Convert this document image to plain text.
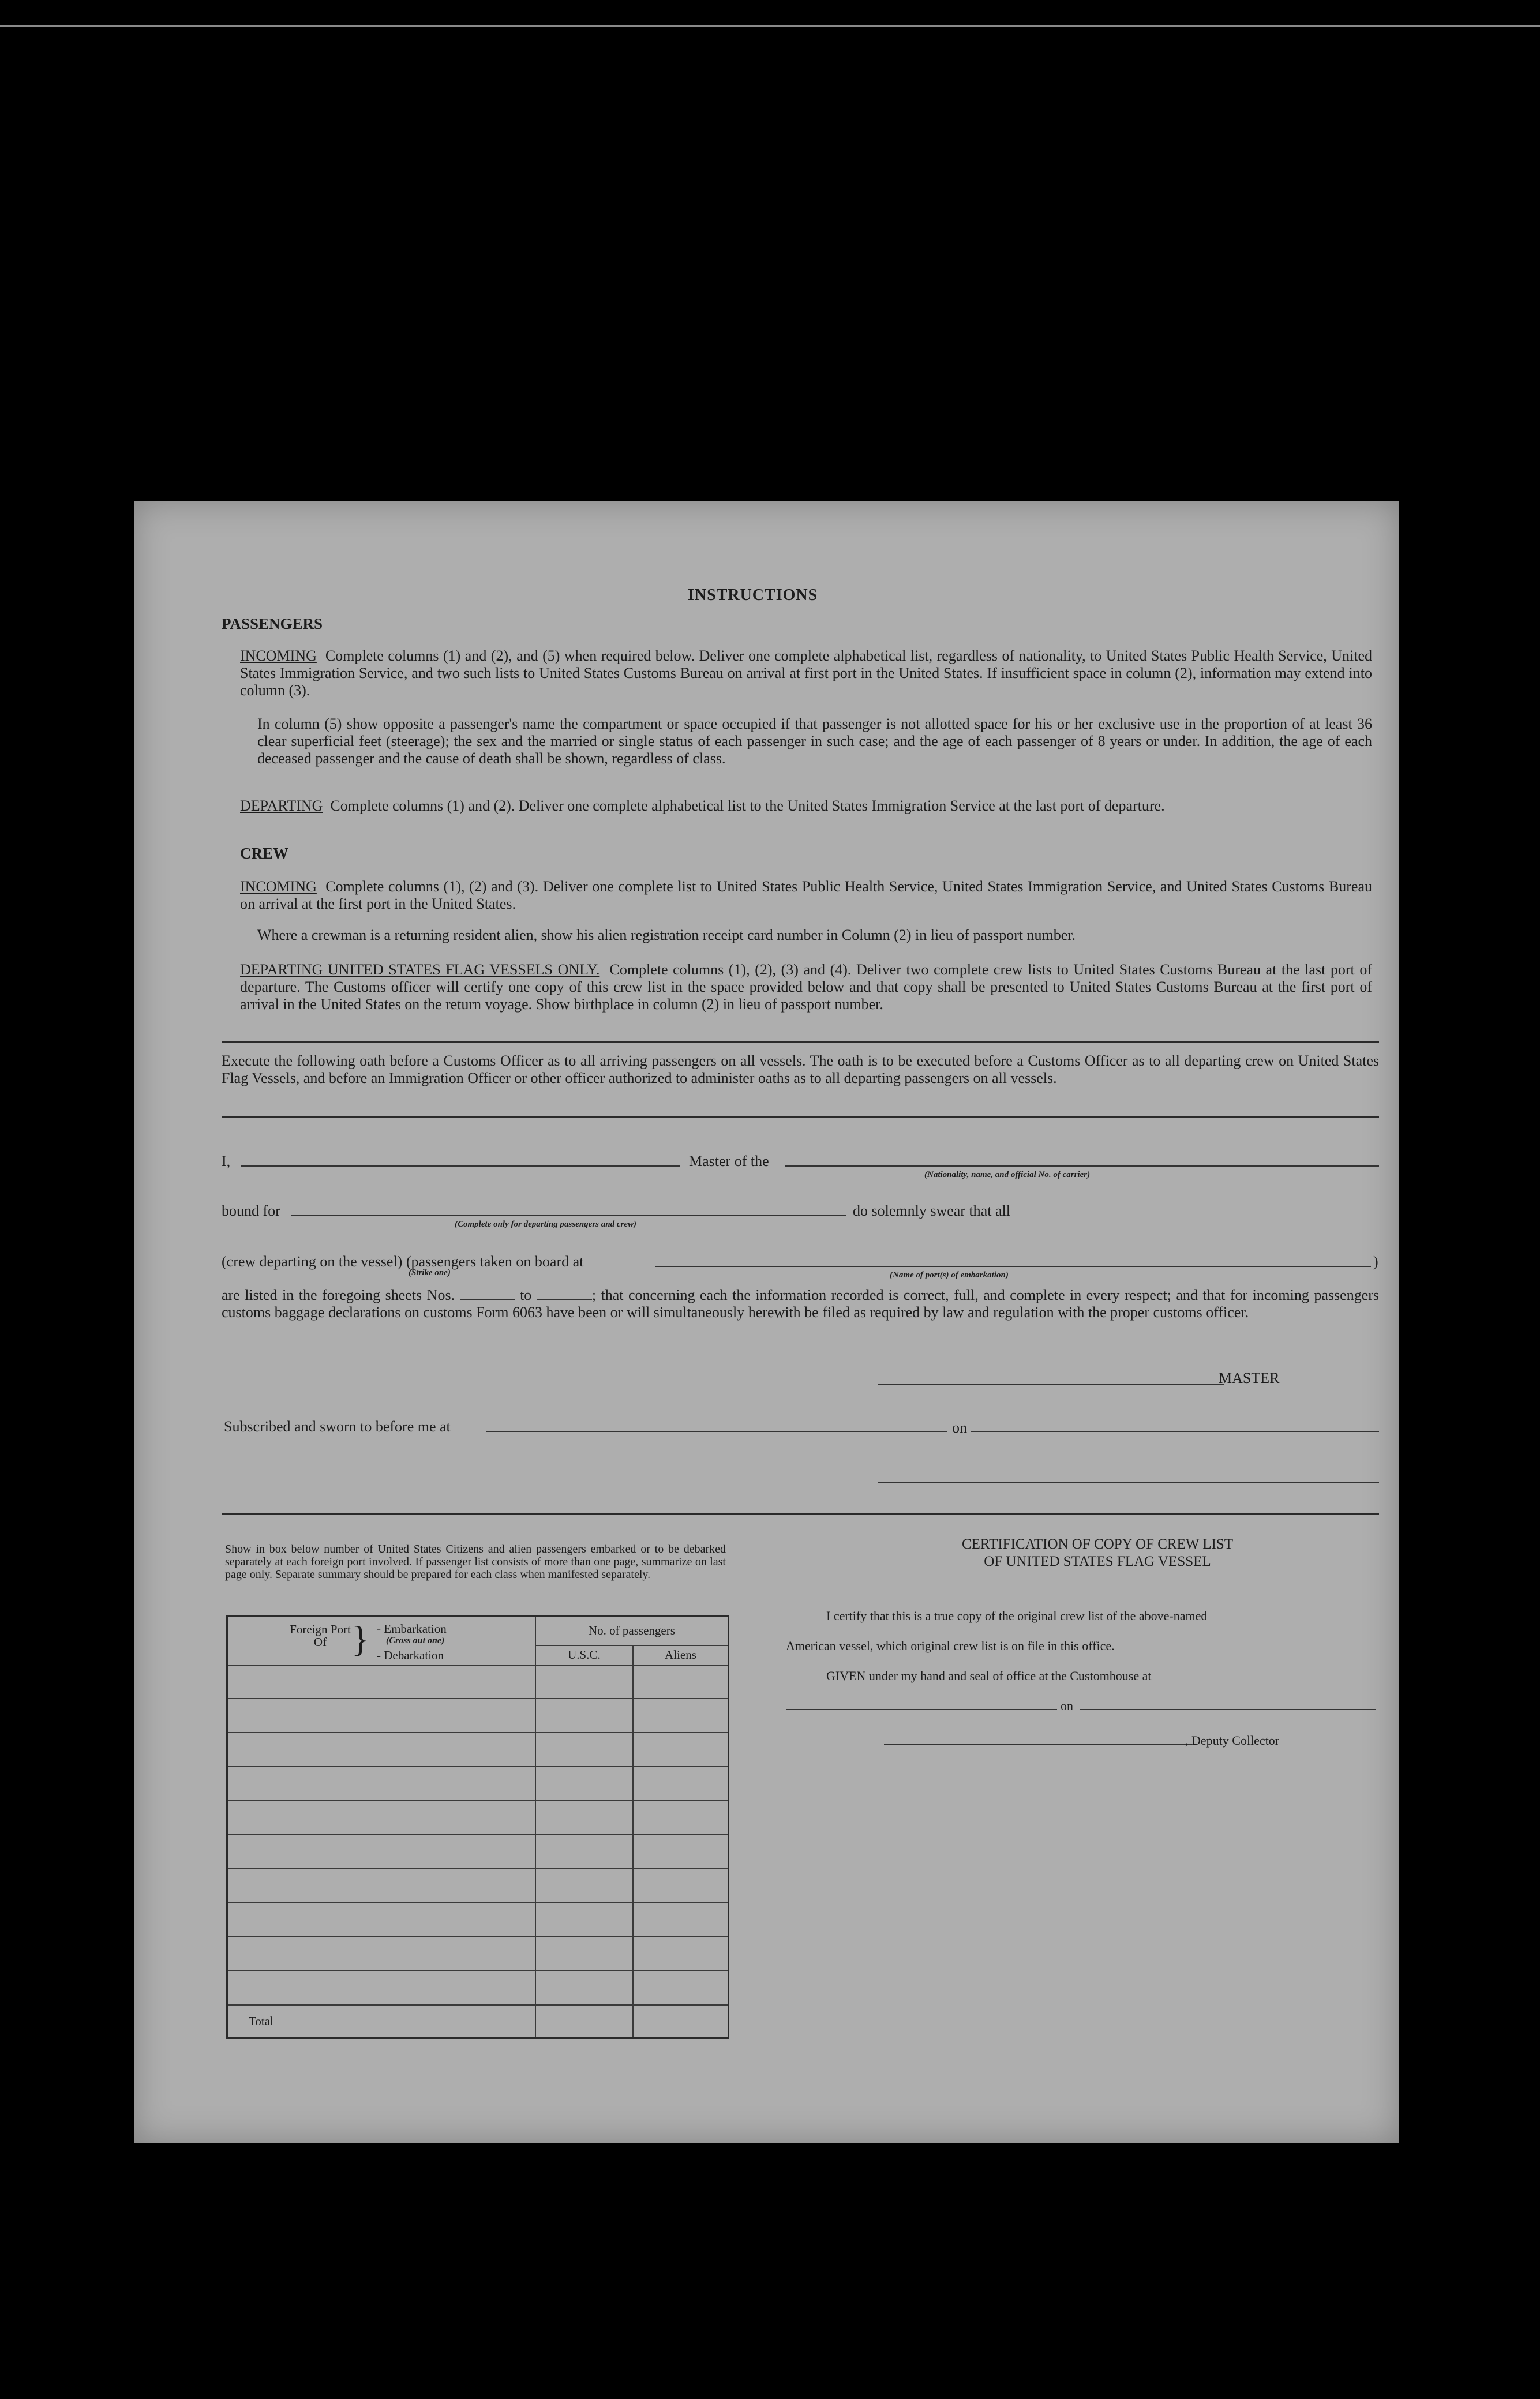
INSTRUCTIONS
PASSENGERS
INCOMING Complete columns (1) and (2), and (5) when required below. Deliver one complete alphabetical list, regardless of nationality, to United States Public Health Service, United States Immigration Service, and two such lists to United States Customs Bureau on arrival at first port in the United States. If insufficient space in column (2), information may extend into column (3).
In column (5) show opposite a passenger's name the compartment or space occupied if that passenger is not allotted space for his or her exclusive use in the proportion of at least 36 clear superficial feet (steerage); the sex and the married or single status of each passenger in such case; and the age of each passenger of 8 years or under. In addition, the age of each deceased passenger and the cause of death shall be shown, regardless of class.
DEPARTING Complete columns (1) and (2). Deliver one complete alphabetical list to the United States Immigration Service at the last port of departure.
CREW
INCOMING Complete columns (1), (2) and (3). Deliver one complete list to United States Public Health Service, United States Immigration Service, and United States Customs Bureau on arrival at the first port in the United States.
Where a crewman is a returning resident alien, show his alien registration receipt card number in Column (2) in lieu of passport number.
DEPARTING UNITED STATES FLAG VESSELS ONLY. Complete columns (1), (2), (3) and (4). Deliver two complete crew lists to United States Customs Bureau at the last port of departure. The Customs officer will certify one copy of this crew list in the space provided below and that copy shall be presented to United States Customs Bureau at the first port of arrival in the United States on the return voyage. Show birthplace in column (2) in lieu of passport number.
Execute the following oath before a Customs Officer as to all arriving passengers on all vessels. The oath is to be executed before a Customs Officer as to all departing crew on United States Flag Vessels, and before an Immigration Officer or other officer authorized to administer oaths as to all departing passengers on all vessels.
I,	Master of the
(Nationality, name, and official No. of carrier)
bound for
(Complete only for departing passengers and crew)
do solemnly swear that all
(crew departing on the vessel) (passengers taken on board at
(Strike one)
)
(Name of port(s) of embarkation)
are listed in the foregoing sheets Nos.	to	; that concerning each the information recorded is correct, full, and complete in every respect; and that for incoming passengers customs baggage declarations on customs Form 6063 have been or will simultaneously herewith be filed as required by law and regulation with the proper customs officer.
MASTER
Subscribed and sworn to before me at	on
Show in box below number of United States Citizens and alien passengers embarked or to be debarked separately at each foreign port involved. If passenger list consists of more than one page, summarize on last page only. Separate summary should be prepared for each class when manifested separately.
Foreign Port Of } - Embarkation
(Cross out one)
- Debarkation	No. of passengers	
	U.S.C.	Aliens

Total		
CERTIFICATION OF COPY OF CREW LIST
OF UNITED STATES FLAG VESSEL
I certify that this is a true copy of the original crew list of the above-named
American vessel, which original crew list is on file in this office.
GIVEN under my hand and seal of office at the Customhouse at
on
, Deputy Collector
